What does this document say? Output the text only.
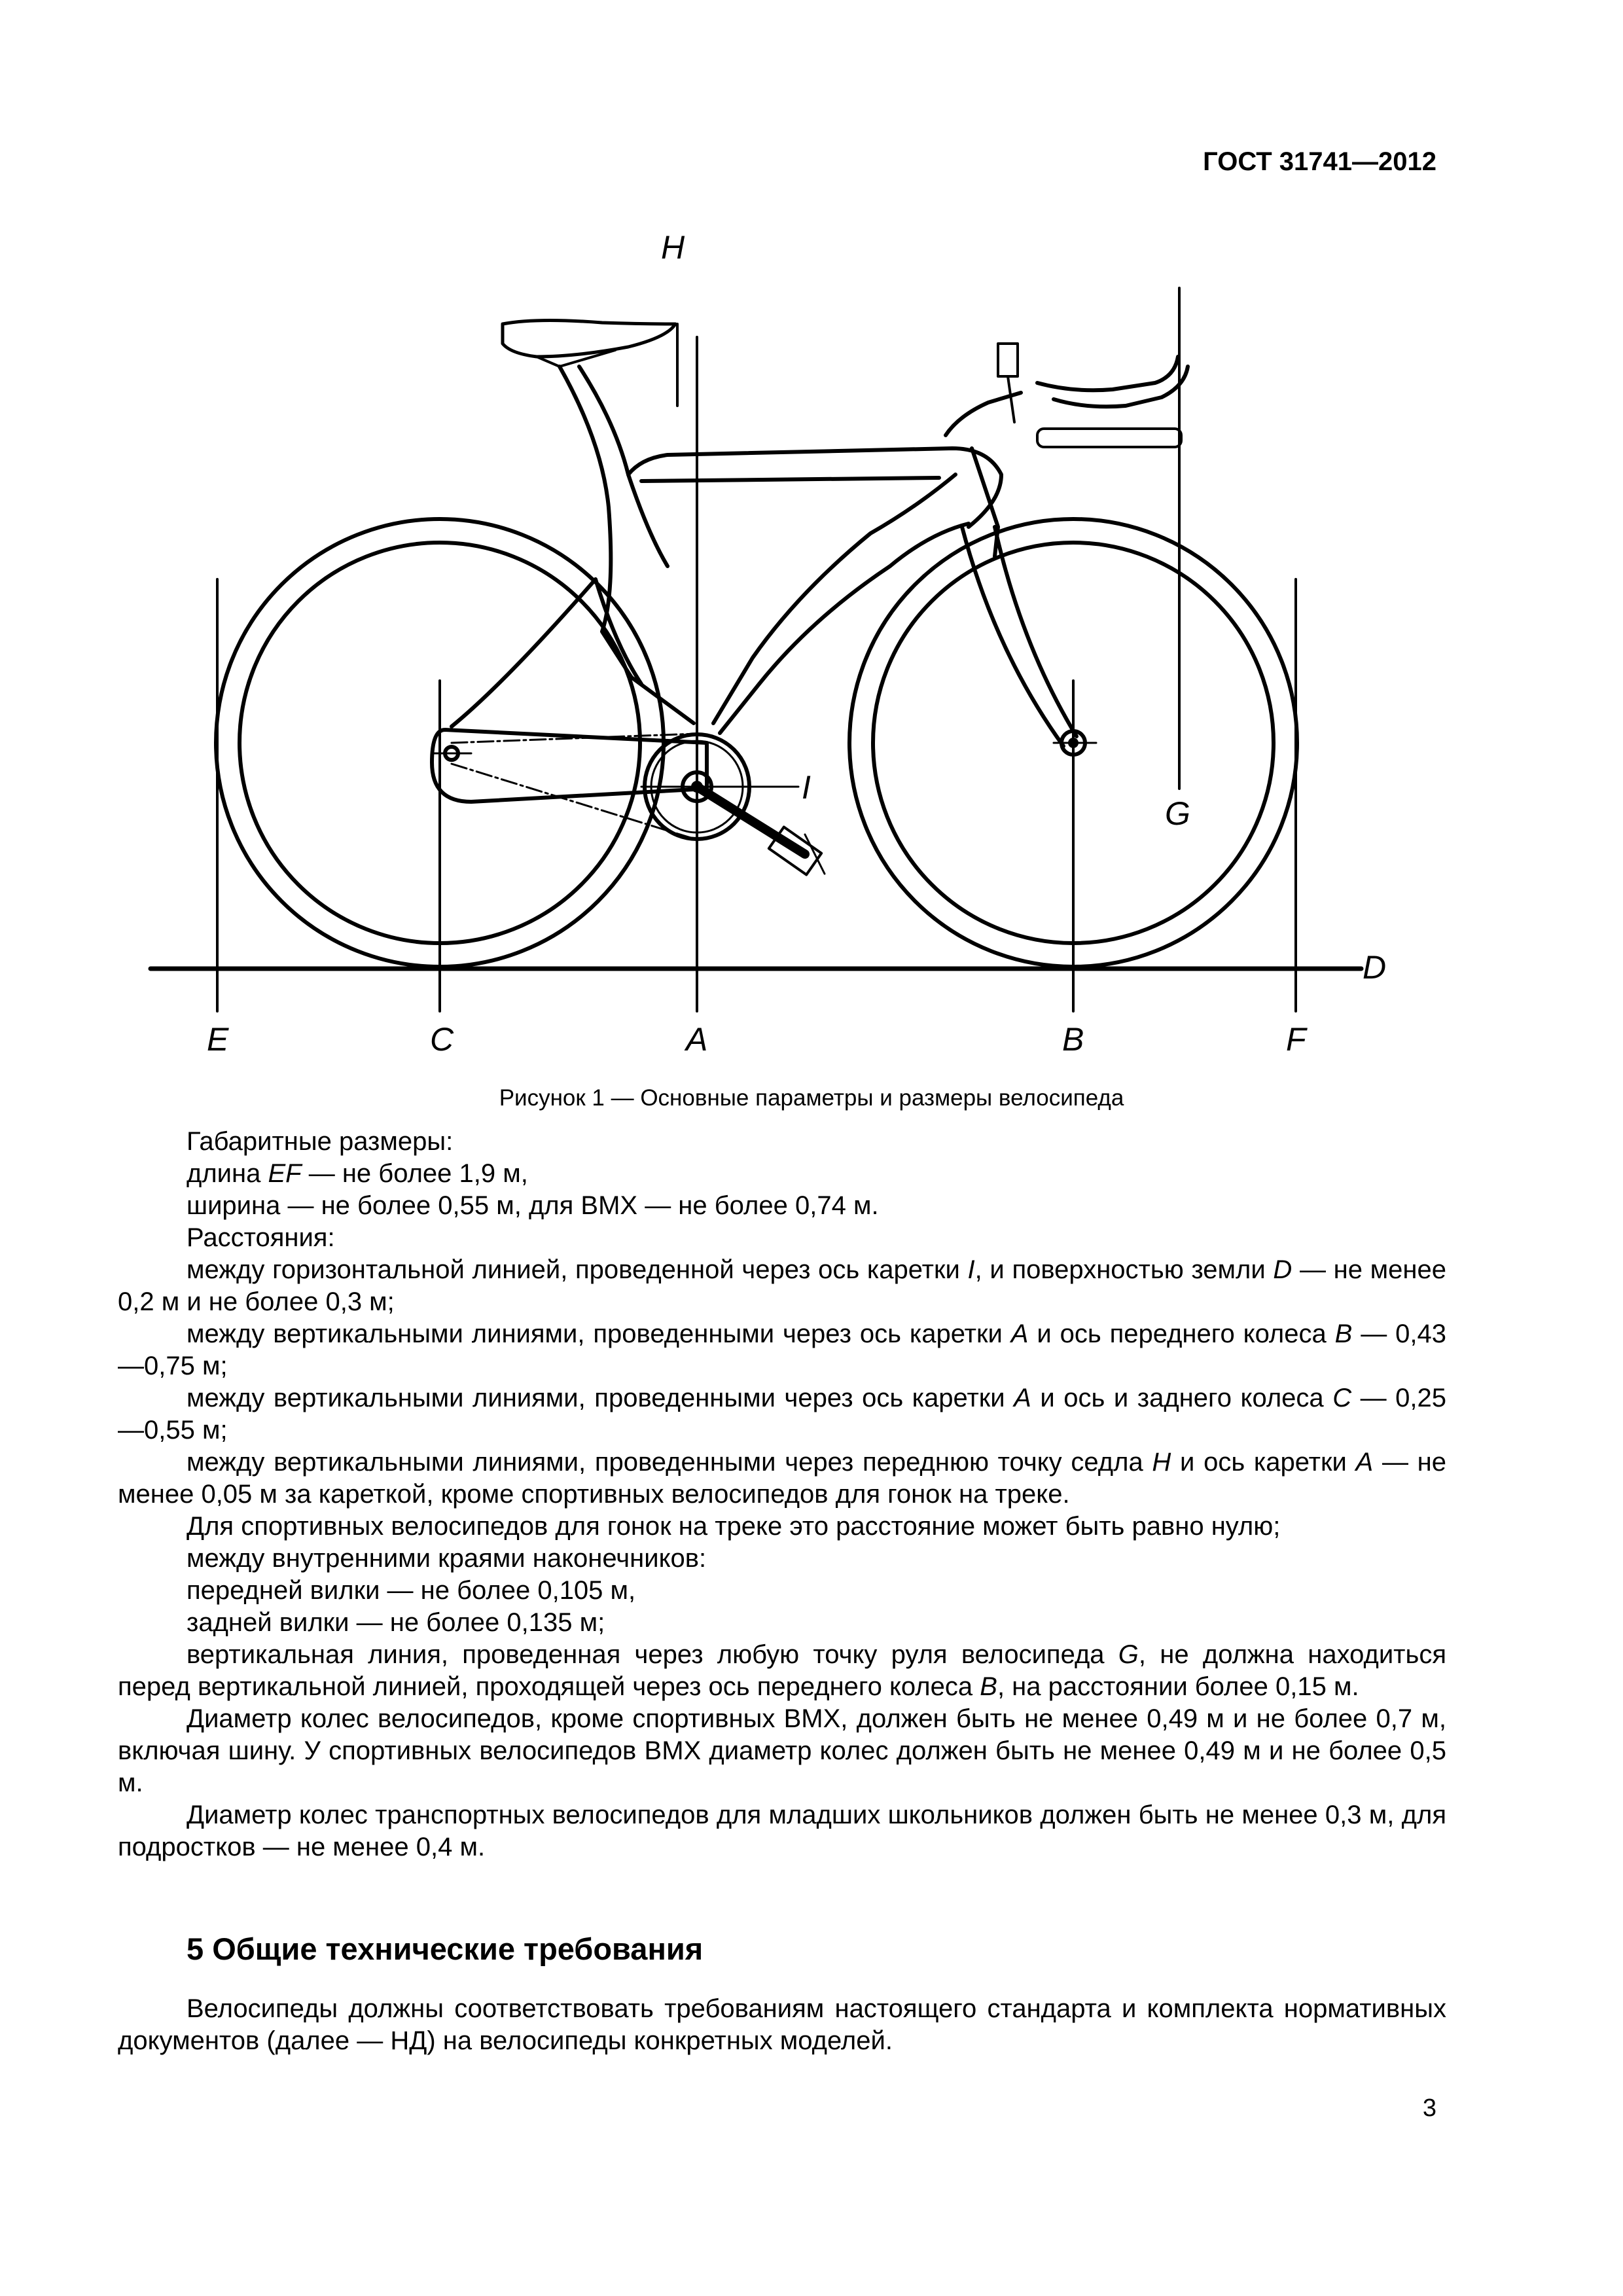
ГОСТ 31741—2012
H
I
G
D
E	C	A	B	F
Рисунок 1 — Основные параметры и размеры велосипеда

Габаритные размеры:

длина EF — не более 1,9 м,

ширина — не более 0,55 м, для ВМХ — не более 0,74 м.

Расстояния:

между горизонтальной линией, проведенной через ось каретки I, и поверхностью земли D — не менее 0,2 м и не более 0,3 м;

между вертикальными линиями, проведенными через ось каретки А и ось переднего колеса В — 0,43—0,75 м;

между вертикальными линиями, проведенными через ось каретки А и ось и заднего колеса С — 0,25—0,55 м;

между вертикальными линиями, проведенными через переднюю точку седла Н и ось каретки А — не менее 0,05 м за кареткой, кроме спортивных велосипедов для гонок на треке.

Для спортивных велосипедов для гонок на треке это расстояние может быть равно нулю;

между внутренними краями наконечников:

передней вилки — не более 0,105 м,

задней вилки — не более 0,135 м;

вертикальная линия, проведенная через любую точку руля велосипеда G, не должна находиться перед вертикальной линией, проходящей через ось переднего колеса В, на расстоянии более 0,15 м.

Диаметр колес велосипедов, кроме спортивных ВМХ, должен быть не менее 0,49 м и не более 0,7 м, включая шину. У спортивных велосипедов ВМХ диаметр колес должен быть не менее 0,49 м и не более 0,5 м.

Диаметр колес транспортных велосипедов для младших школьников должен быть не менее 0,3 м, для подростков — не менее 0,4 м.

5 Общие технические требования
Велосипеды должны соответствовать требованиям настоящего стандарта и комплекта нормативных документов (далее — НД) на велосипеды конкретных моделей.
3
